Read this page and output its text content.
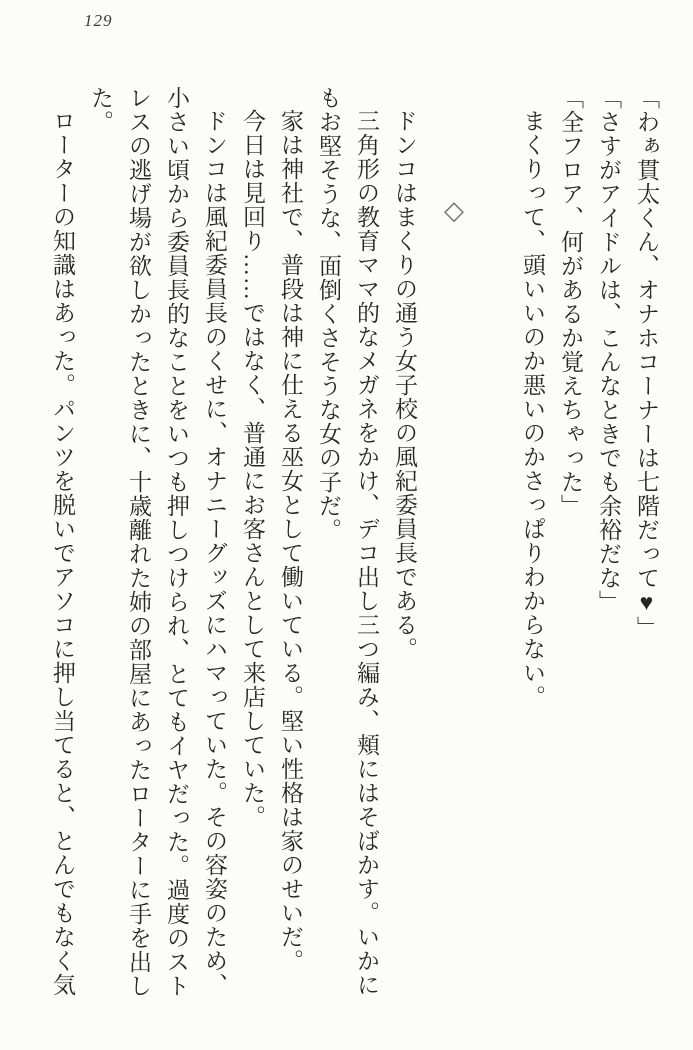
129

「わぁ貫太くん、オナホコーナーは七階だって♥」

「さすがアイドルは、こんなときでも余裕だな」

「全フロア、何があるか覚えちゃった」

まくりって、頭いいのか悪いのかさっぱりわからない。

◇

ドンコはまくりの通う女子校の風紀委員長である。

三角形の教育ママ的なメガネをかけ、デコ出し三つ編み、頬にはそばかす。いかにもお堅そうな、面倒くさそうな女の子だ。

家は神社で、普段は神に仕える巫女として働いている。堅い性格は家のせいだ。

今日は見回り……ではなく、普通にお客さんとして来店していた。

ドンコは風紀委員長のくせに、オナニーグッズにハマっていた。その容姿のため、小さい頃から委員長的なことをいつも押しつけられ、とてもイヤだった。過度のストレスの逃げ場が欲しかったときに、十歳離れた姉の部屋にあったローターに手を出した。

ローターの知識はあった。パンツを脱いでアソコに押し当てると、とんでもなく気
